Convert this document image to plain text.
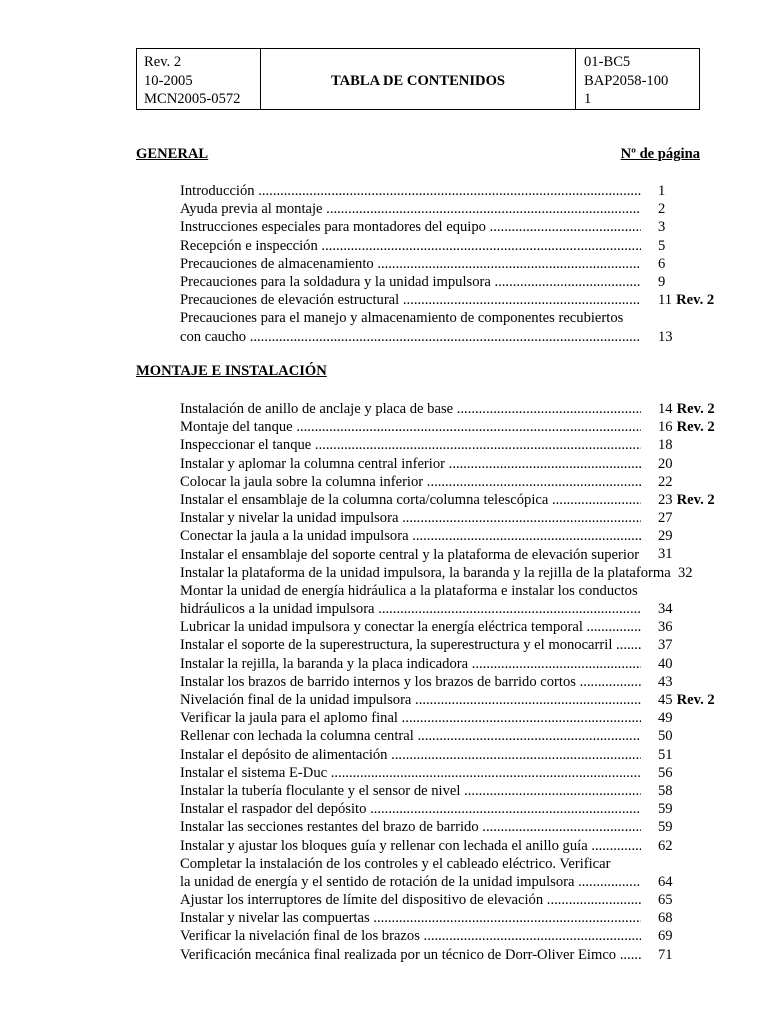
Rev. 2
10-2005
MCN2005-0572
TABLA DE CONTENIDOS
01-BC5
BAP2058-100
1
GENERAL	Nº de página
Introducción .....	1
Ayuda previa al montaje .....	2
Instrucciones especiales para montadores del equipo .....	3
Recepción e inspección .....	5
Precauciones de almacenamiento .....	6
Precauciones para la soldadura y la unidad impulsora .....	9
Precauciones de elevación estructural .....	11 Rev. 2
Precauciones para el manejo y almacenamiento de componentes recubiertos
con caucho .....	13
MONTAJE E INSTALACIÓN
Instalación de anillo de anclaje y placa de base .....	14 Rev. 2
Montaje del tanque .....	16 Rev. 2
Inspeccionar el tanque .....	18
Instalar y aplomar la columna central inferior .....	20
Colocar la jaula sobre la columna inferior .....	22
Instalar el ensamblaje de la columna corta/columna telescópica .....	23 Rev. 2
Instalar y nivelar la unidad impulsora .....	27
Conectar la jaula a la unidad impulsora .....	29
Instalar el ensamblaje del soporte central y la plataforma de elevación superior 31
Instalar la plataforma de la unidad impulsora, la baranda y la rejilla de la plataforma 32
Montar la unidad de energía hidráulica a la plataforma e instalar los conductos
hidráulicos a la unidad impulsora .....	34
Lubricar la unidad impulsora y conectar la energía eléctrica temporal .....	36
Instalar el soporte de la superestructura, la superestructura y el monocarril .....	37
Instalar la rejilla, la baranda y la placa indicadora .....	40
Instalar los brazos de barrido internos y los brazos de barrido cortos .....	43
Nivelación final de la unidad impulsora .....	45 Rev. 2
Verificar la jaula para el aplomo final .....	49
Rellenar con lechada la columna central .....	50
Instalar el depósito de alimentación .....	51
Instalar el sistema E-Duc .....	56
Instalar la tubería floculante y el sensor de nivel .....	58
Instalar el raspador del depósito .....	59
Instalar las secciones restantes del brazo de barrido .....	59
Instalar y ajustar los bloques guía y rellenar con lechada el anillo guía .....	62
Completar la instalación de los controles y el cableado eléctrico. Verificar
la unidad de energía y el sentido de rotación de la unidad impulsora .....	64
Ajustar los interruptores de límite del dispositivo de elevación .....	65
Instalar y nivelar las compuertas .....	68
Verificar la nivelación final de los brazos .....	69
Verificación mecánica final realizada por un técnico de Dorr-Oliver Eimco .....	71
